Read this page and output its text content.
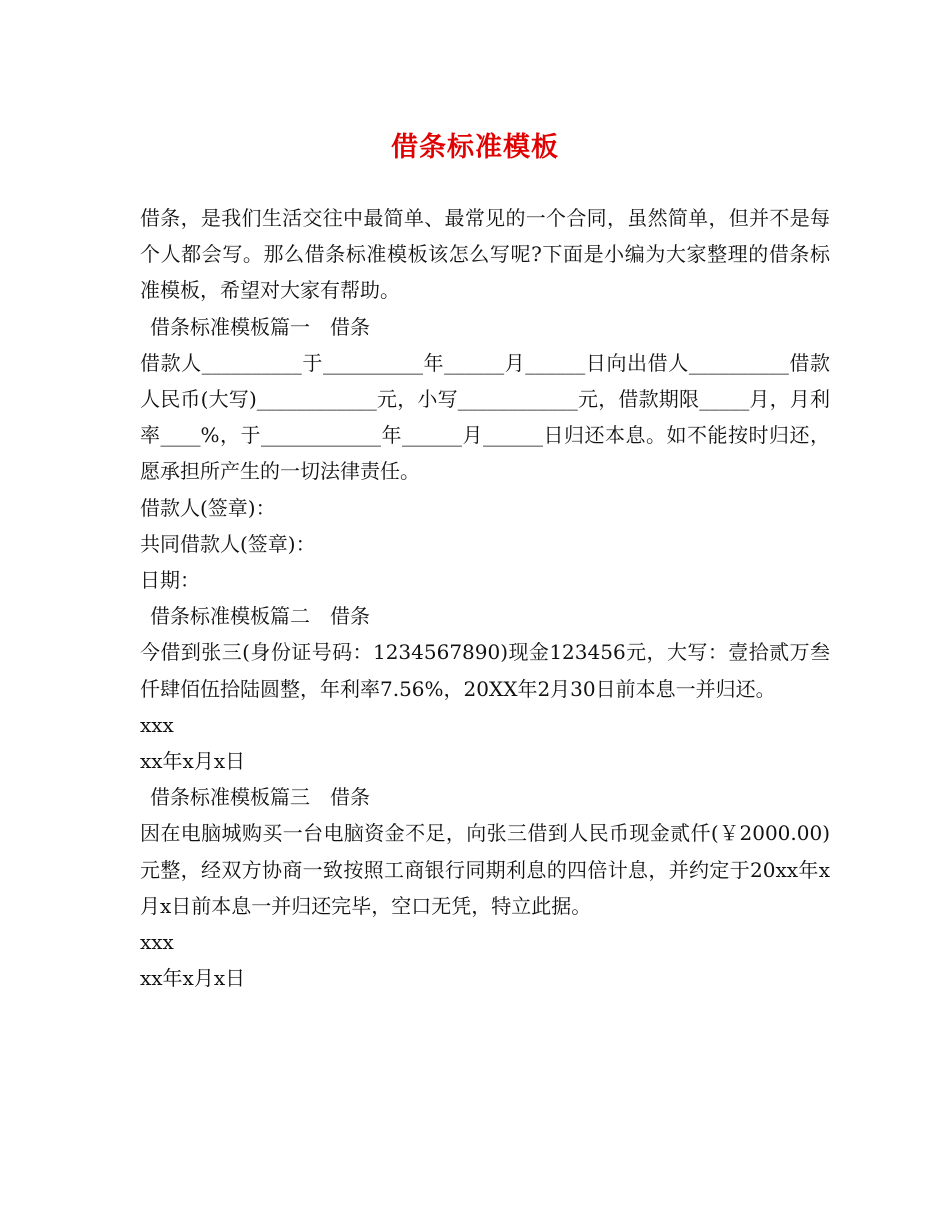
借条标准模板

借条，是我们生活交往中最简单、最常见的一个合同，虽然简单，但并不是每个人都会写。那么借条标准模板该怎么写呢?下面是小编为大家整理的借条标准模板，希望对大家有帮助。

借条标准模板篇一　借条

借款人__________于__________年______月______日向出借人__________借款人民币(大写)____________元，小写____________元，借款期限_____月，月利率____%，于____________年______月______日归还本息。如不能按时归还，愿承担所产生的一切法律责任。

借款人(签章)：

共同借款人(签章)：

日期：

借条标准模板篇二　借条

今借到张三(身份证号码：1234567890)现金123456元，大写：壹拾贰万叁仟肆佰伍拾陆圆整，年利率7.56%，20XX年2月30日前本息一并归还。

xxx

xx年x月x日

借条标准模板篇三　借条

因在电脑城购买一台电脑资金不足，向张三借到人民币现金贰仟(￥2000.00)元整，经双方协商一致按照工商银行同期利息的四倍计息，并约定于20xx年x月x日前本息一并归还完毕，空口无凭，特立此据。

xxx

xx年x月x日
